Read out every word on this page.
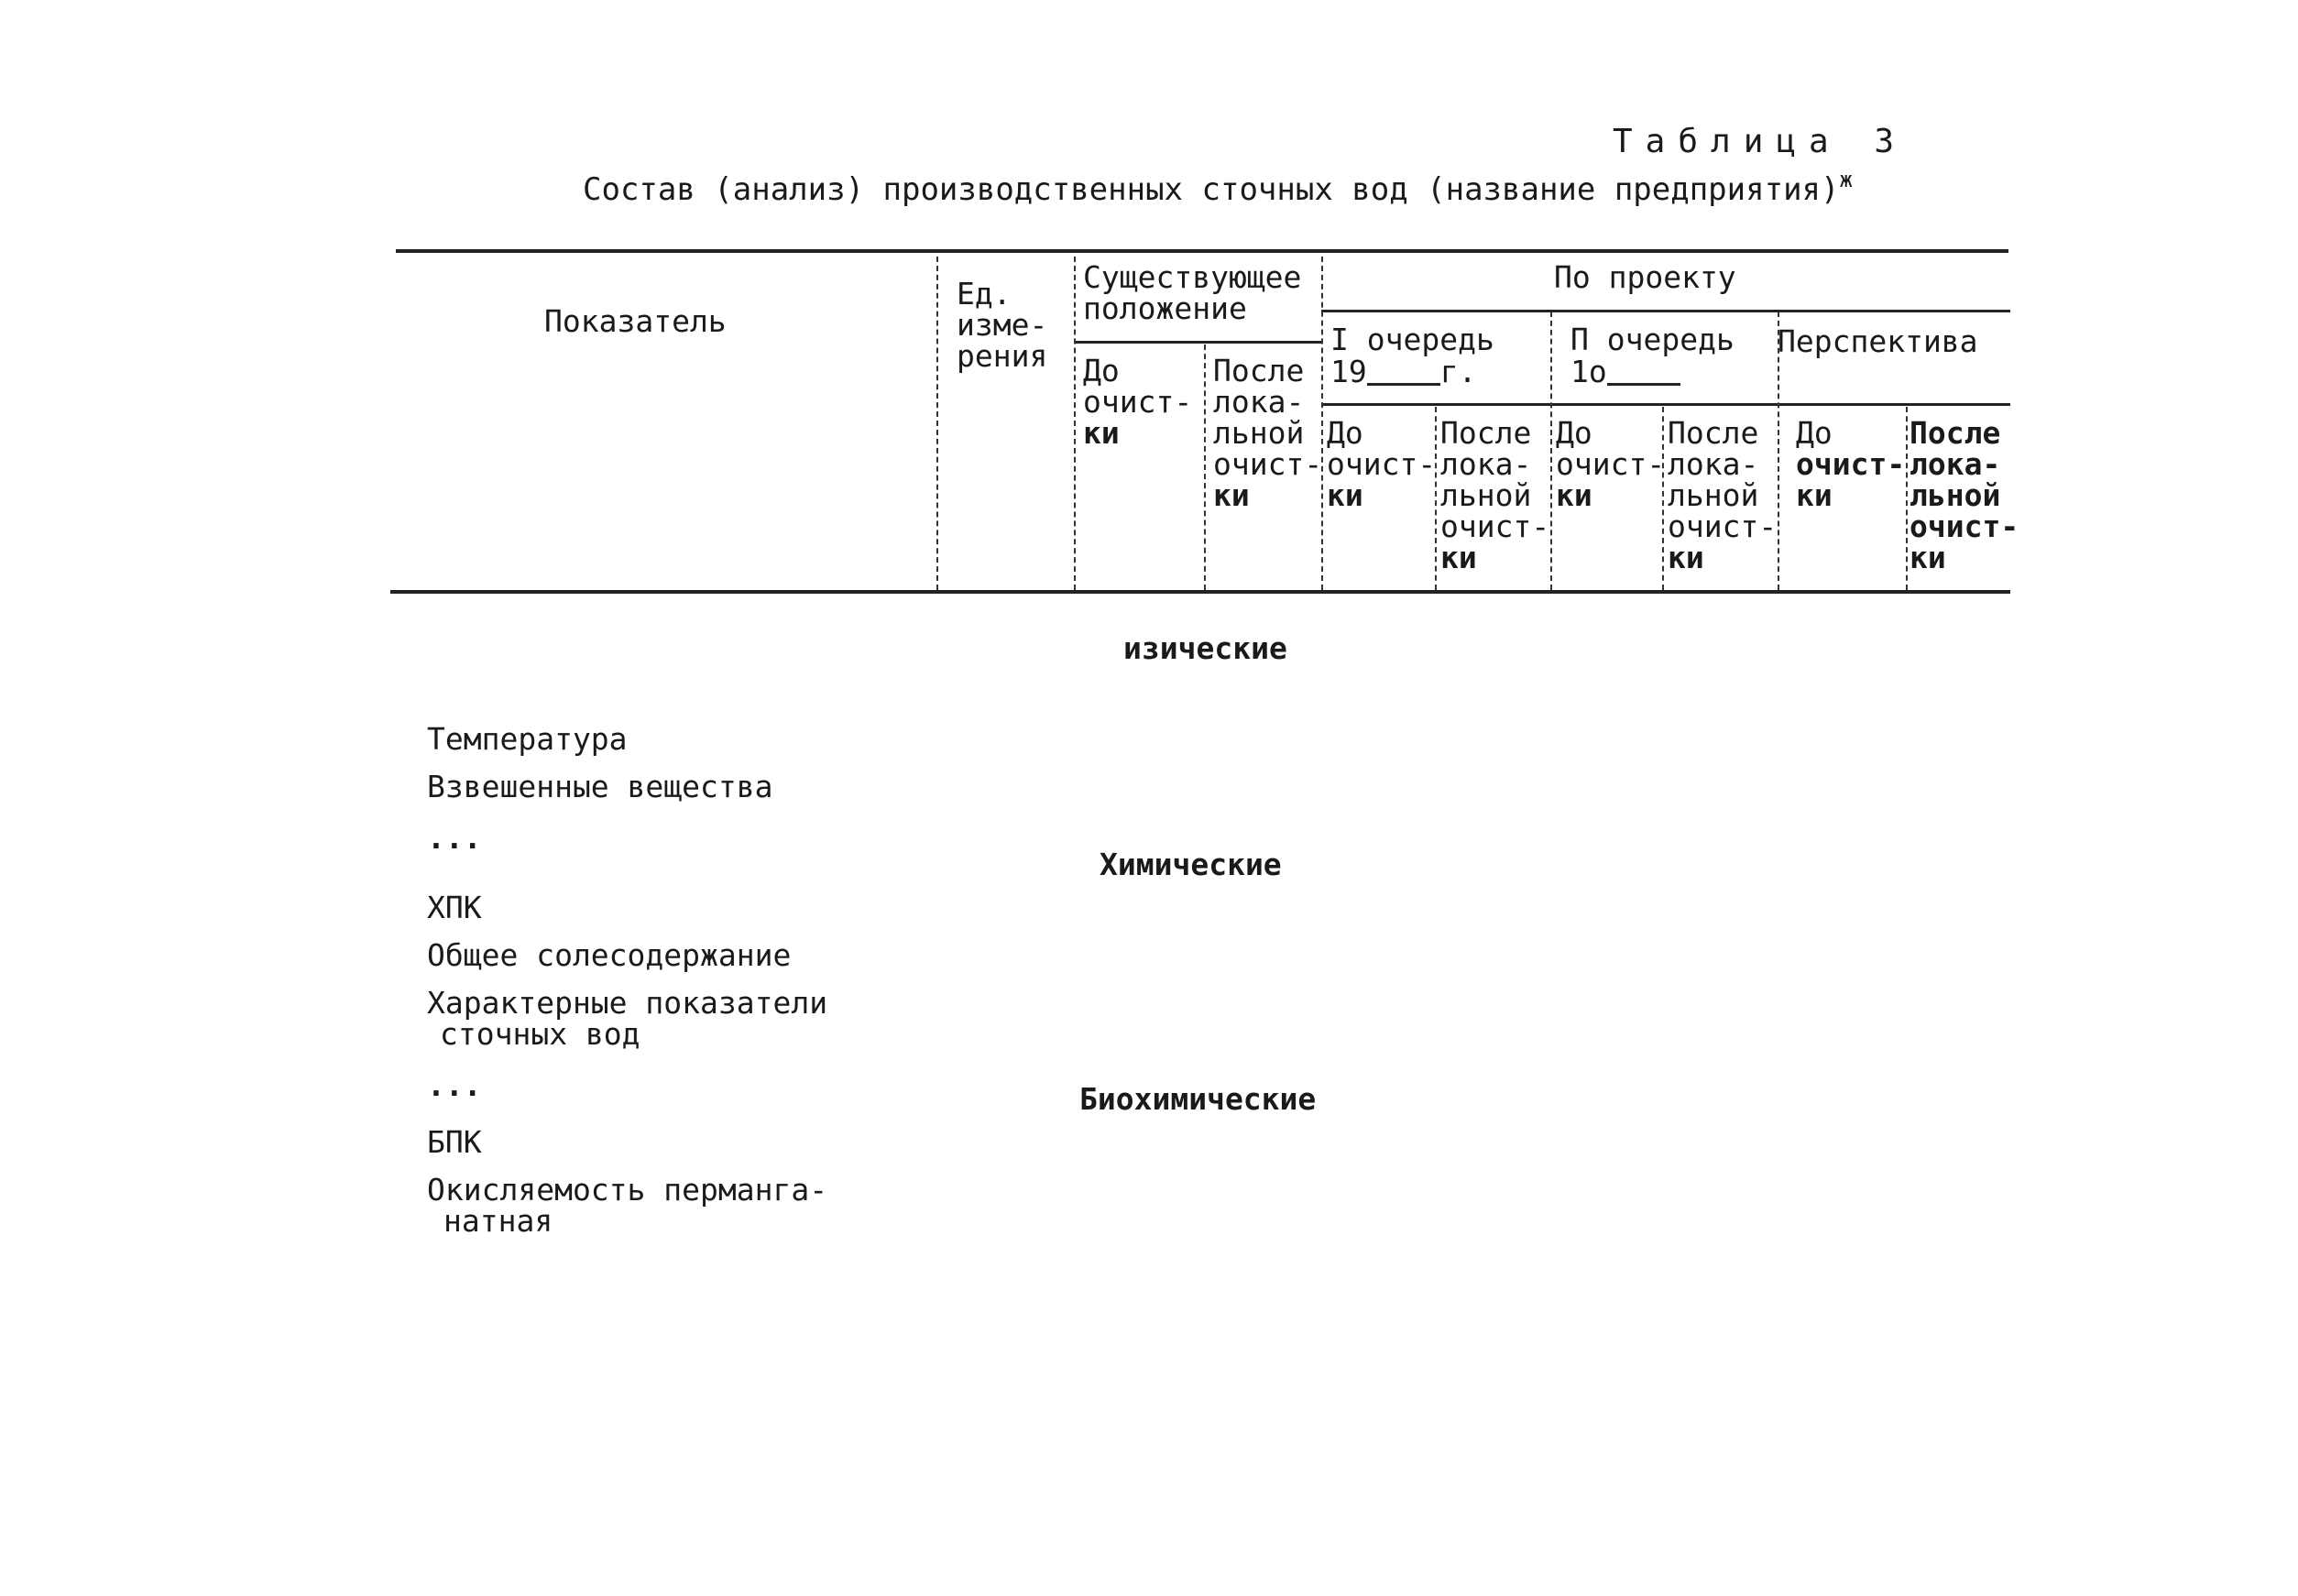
Таблица 3
Состав (анализ) производственных сточных вод (название предприятия)$^ж$
Показатель
Ед.
изме-
рения
Существующее
положение
По проекту
I очередь
19 г.
П очередь
1о
Перспектива
До
очист-
ки
После
лока-
льной
очист-
ки
До
очист-
ки
После
лока-
льной
очист-
ки
До
очист-
ки
После
лока-
льной
очист-
ки
До
очист-
ки
После
лока-
льной
очист-
ки
изические
Химические
Биохимические
Температура
Взвешенные вещества
...
ХПК
Общее солесодержание
Характерные показатели
сточных вод
...
БПК
Окисляемость перманга-
натная
